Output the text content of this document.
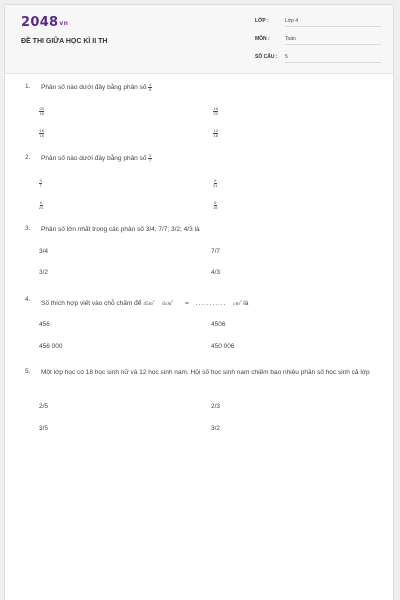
2048vn
ĐỀ THI GIỮA HỌC KÌ II TH
LỚP :	Lớp 4
MÔN :	Toán
SỐ CÂU : 5
1. Phân số nào dưới đây bằng phân số $\frac{4}{5}$
$\frac{20}{16}$	$\frac{16}{20}$
$\frac{16}{15}$	$\frac{12}{16}$
2. Phân số nào dưới đây bằng phân số $\frac{3}{7}$
$\frac{3}{7}$	$\frac{9}{21}$
$\frac{6}{21}$	$\frac{6}{15}$
3. Phân số lớn nhất trong các phân số 3/4; 7/7; 3/2; 4/3 là
3/4	7/7
3/2	4/3
4.
Số thích hợp viết vào chỗ chấm để $45m^2$ $6cm^2$ = ........... $cm^2$ là
456	4506
456 000	450 006
5. Một lớp học có 18 học sinh nữ và 12 học sinh nam. Hỏi số học sinh nam chiếm bao nhiêu phần số học sinh cả lớp
2/5	2/3
3/5	3/2
